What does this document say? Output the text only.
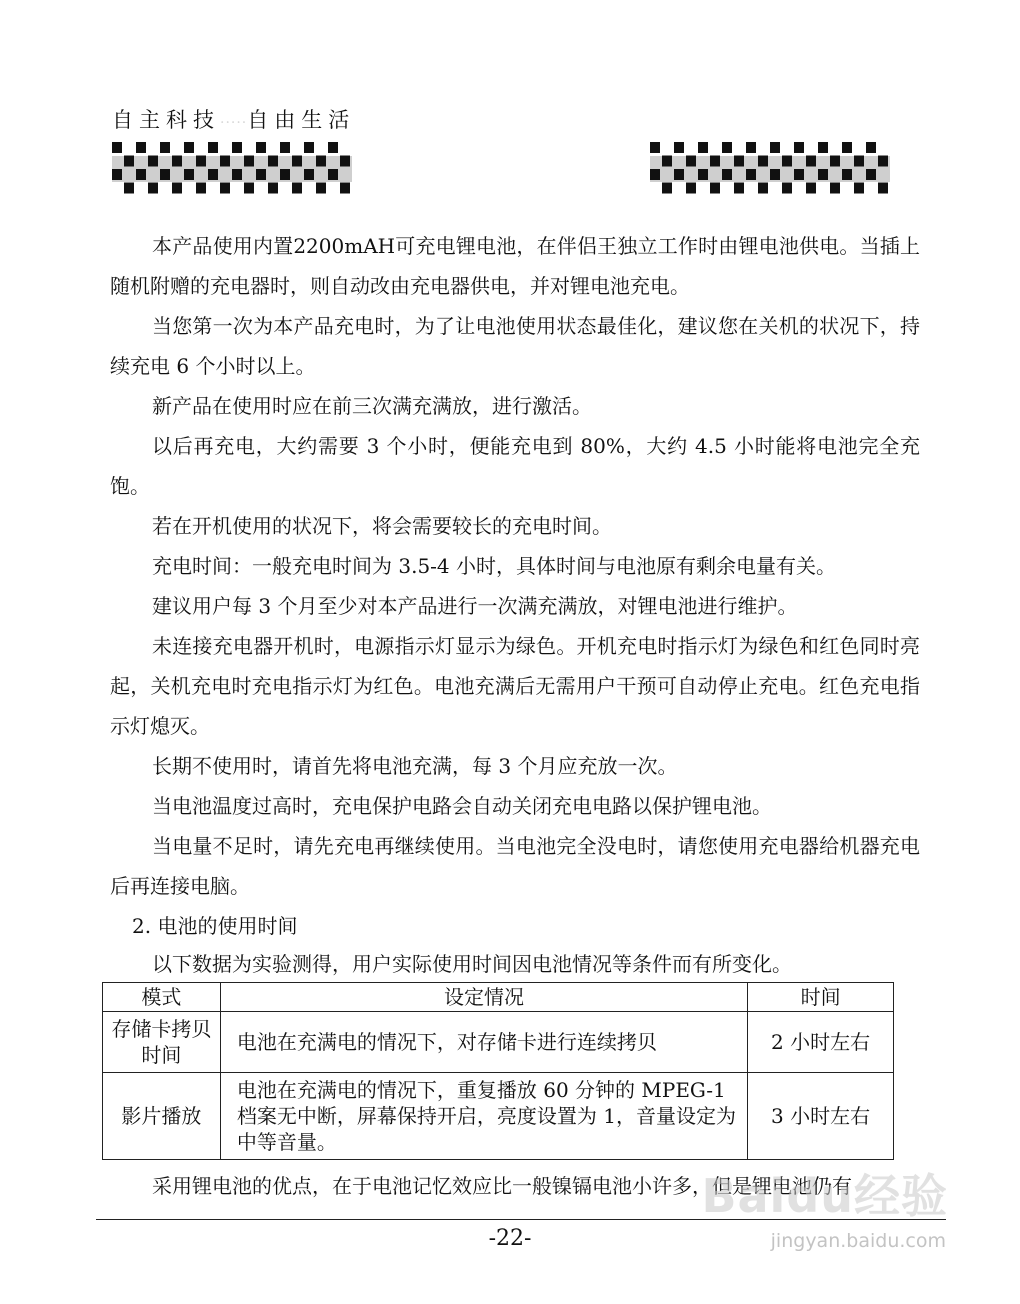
自主科技·····自由生活

本产品使用内置2200mAH可充电锂电池，在伴侣王独立工作时由锂电池供电。当插上随机附赠的充电器时，则自动改由充电器供电，并对锂电池充电。

当您第一次为本产品充电时，为了让电池使用状态最佳化，建议您在关机的状况下，持续充电 6 个小时以上。

新产品在使用时应在前三次满充满放，进行激活。

以后再充电，大约需要 3 个小时，便能充电到 80%，大约 4.5 小时能将电池完全充饱。

若在开机使用的状况下，将会需要较长的充电时间。

充电时间：一般充电时间为 3.5-4 小时，具体时间与电池原有剩余电量有关。

建议用户每 3 个月至少对本产品进行一次满充满放，对锂电池进行维护。

未连接充电器开机时，电源指示灯显示为绿色。开机充电时指示灯为绿色和红色同时亮起，关机充电时充电指示灯为红色。电池充满后无需用户干预可自动停止充电。红色充电指示灯熄灭。

长期不使用时，请首先将电池充满，每 3 个月应充放一次。

当电池温度过高时，充电保护电路会自动关闭充电电路以保护锂电池。

当电量不足时，请先充电再继续使用。当电池完全没电时，请您使用充电器给机器充电后再连接电脑。

2. 电池的使用时间

以下数据为实验测得，用户实际使用时间因电池情况等条件而有所变化。

模式	设定情况	时间
存储卡拷贝时间	电池在充满电的情况下，对存储卡进行连续拷贝	2 小时左右
影片播放	电池在充满电的情况下，重复播放 60 分钟的 MPEG-1 档案无中断，屏幕保持开启，亮度设置为 1，音量设定为中等音量。	3 小时左右

采用锂电池的优点，在于电池记忆效应比一般镍镉电池小许多，但是锂电池仍有

Baidu经验
jingyan.baidu.com
-22-
